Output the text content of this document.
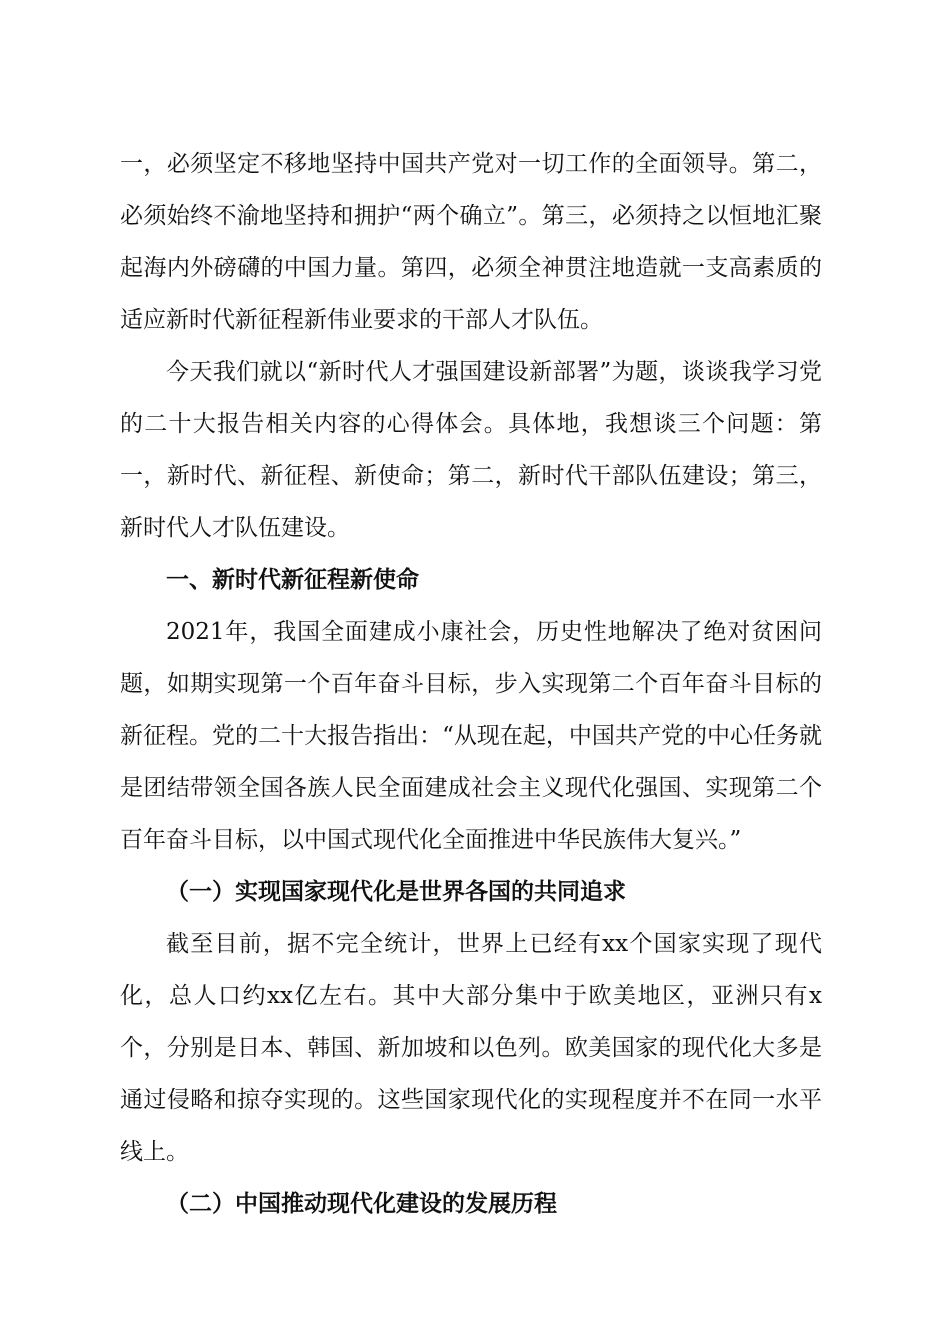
一，必须坚定不移地坚持中国共产党对一切工作的全面领导。第二，必须始终不渝地坚持和拥护“两个确立”。第三，必须持之以恒地汇聚起海内外磅礴的中国力量。第四，必须全神贯注地造就一支高素质的适应新时代新征程新伟业要求的干部人才队伍。

今天我们就以“新时代人才强国建设新部署”为题，谈谈我学习党的二十大报告相关内容的心得体会。具体地，我想谈三个问题：第一，新时代、新征程、新使命；第二，新时代干部队伍建设；第三，新时代人才队伍建设。

一、新时代新征程新使命

2021年，我国全面建成小康社会，历史性地解决了绝对贫困问题，如期实现第一个百年奋斗目标，步入实现第二个百年奋斗目标的新征程。党的二十大报告指出：“从现在起，中国共产党的中心任务就是团结带领全国各族人民全面建成社会主义现代化强国、实现第二个百年奋斗目标，以中国式现代化全面推进中华民族伟大复兴。”

（一）实现国家现代化是世界各国的共同追求

截至目前，据不完全统计，世界上已经有xx个国家实现了现代化，总人口约xx亿左右。其中大部分集中于欧美地区，亚洲只有x个，分别是日本、韩国、新加坡和以色列。欧美国家的现代化大多是通过侵略和掠夺实现的。这些国家现代化的实现程度并不在同一水平线上。

（二）中国推动现代化建设的发展历程
